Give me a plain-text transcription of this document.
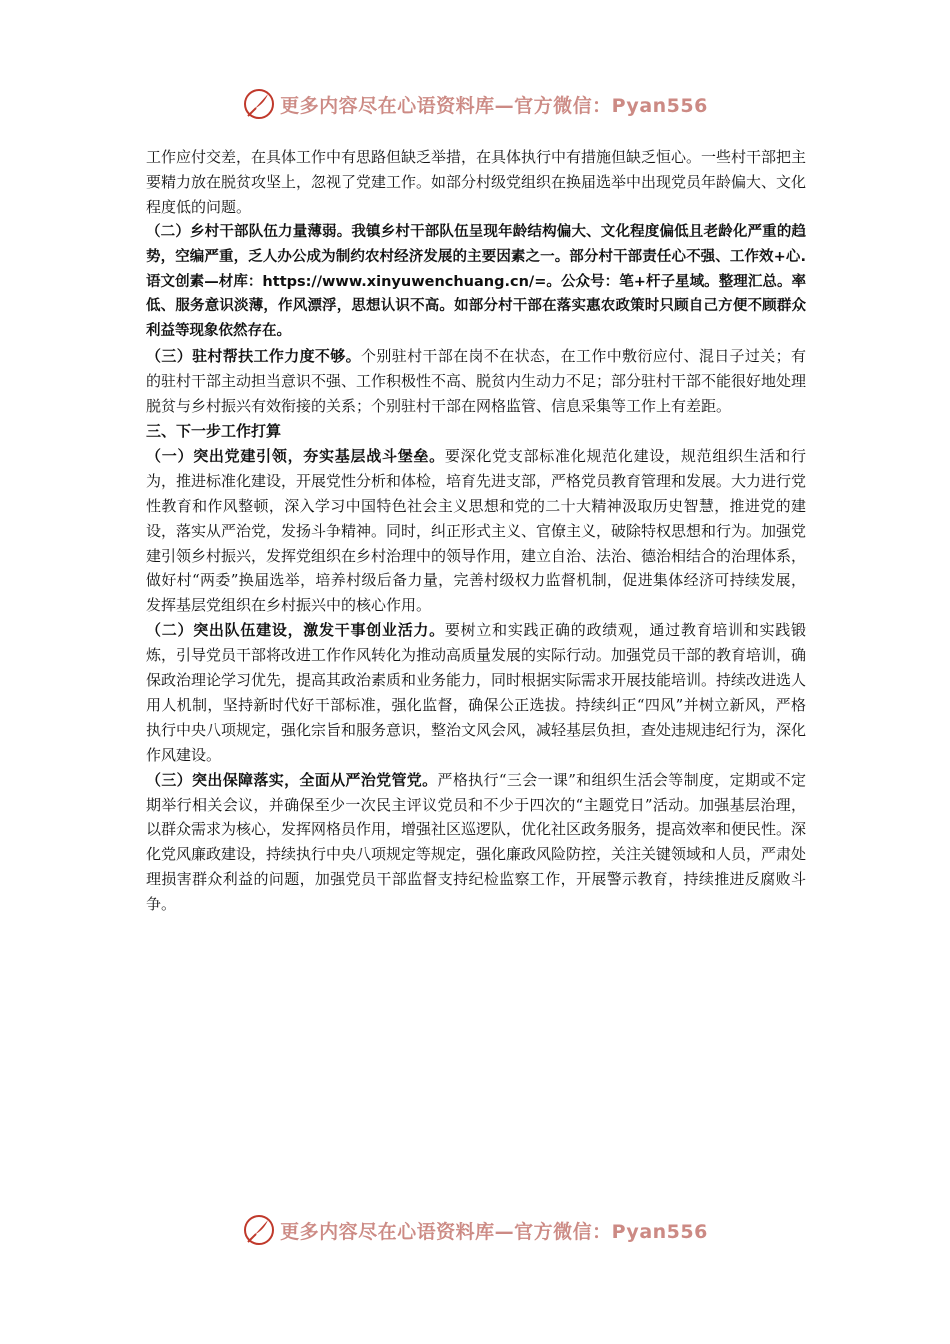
更多内容尽在心语资料库—官方微信：Pyan556

工作应付交差，在具体工作中有思路但缺乏举措，在具体执行中有措施但缺乏恒心。一些村干部把主要精力放在脱贫攻坚上，忽视了党建工作。如部分村级党组织在换届选举中出现党员年龄偏大、文化程度低的问题。

（二）乡村干部队伍力量薄弱。我镇乡村干部队伍呈现年龄结构偏大、文化程度偏低且老龄化严重的趋势，空编严重，乏人办公成为制约农村经济发展的主要因素之一。部分村干部责任心不强、工作效+心.语文创素—材库：https://www.xinyuwenchuang.cn/=。公众号：笔+杆子星域。整理汇总。率低、服务意识淡薄，作风漂浮，思想认识不高。如部分村干部在落实惠农政策时只顾自己方便不顾群众利益等现象依然存在。

（三）驻村帮扶工作力度不够。个别驻村干部在岗不在状态，在工作中敷衍应付、混日子过关；有的驻村干部主动担当意识不强、工作积极性不高、脱贫内生动力不足；部分驻村干部不能很好地处理脱贫与乡村振兴有效衔接的关系；个别驻村干部在网格监管、信息采集等工作上有差距。

三、下一步工作打算

（一）突出党建引领，夯实基层战斗堡垒。要深化党支部标准化规范化建设，规范组织生活和行为，推进标准化建设，开展党性分析和体检，培育先进支部，严格党员教育管理和发展。大力进行党性教育和作风整顿，深入学习中国特色社会主义思想和党的二十大精神汲取历史智慧，推进党的建设，落实从严治党，发扬斗争精神。同时，纠正形式主义、官僚主义，破除特权思想和行为。加强党建引领乡村振兴，发挥党组织在乡村治理中的领导作用，建立自治、法治、德治相结合的治理体系，做好村“两委”换届选举，培养村级后备力量，完善村级权力监督机制，促进集体经济可持续发展，发挥基层党组织在乡村振兴中的核心作用。

（二）突出队伍建设，激发干事创业活力。要树立和实践正确的政绩观，通过教育培训和实践锻炼，引导党员干部将改进工作作风转化为推动高质量发展的实际行动。加强党员干部的教育培训，确保政治理论学习优先，提高其政治素质和业务能力，同时根据实际需求开展技能培训。持续改进选人用人机制，坚持新时代好干部标准，强化监督，确保公正选拔。持续纠正“四风”并树立新风，严格执行中央八项规定，强化宗旨和服务意识，整治文风会风，减轻基层负担，查处违规违纪行为，深化作风建设。

（三）突出保障落实，全面从严治党管党。严格执行“三会一课”和组织生活会等制度，定期或不定期举行相关会议，并确保至少一次民主评议党员和不少于四次的“主题党日”活动。加强基层治理，以群众需求为核心，发挥网格员作用，增强社区巡逻队，优化社区政务服务，提高效率和便民性。深化党风廉政建设，持续执行中央八项规定等规定，强化廉政风险防控，关注关键领域和人员，严肃处理损害群众利益的问题，加强党员干部监督支持纪检监察工作，开展警示教育，持续推进反腐败斗争。

更多内容尽在心语资料库—官方微信：Pyan556
